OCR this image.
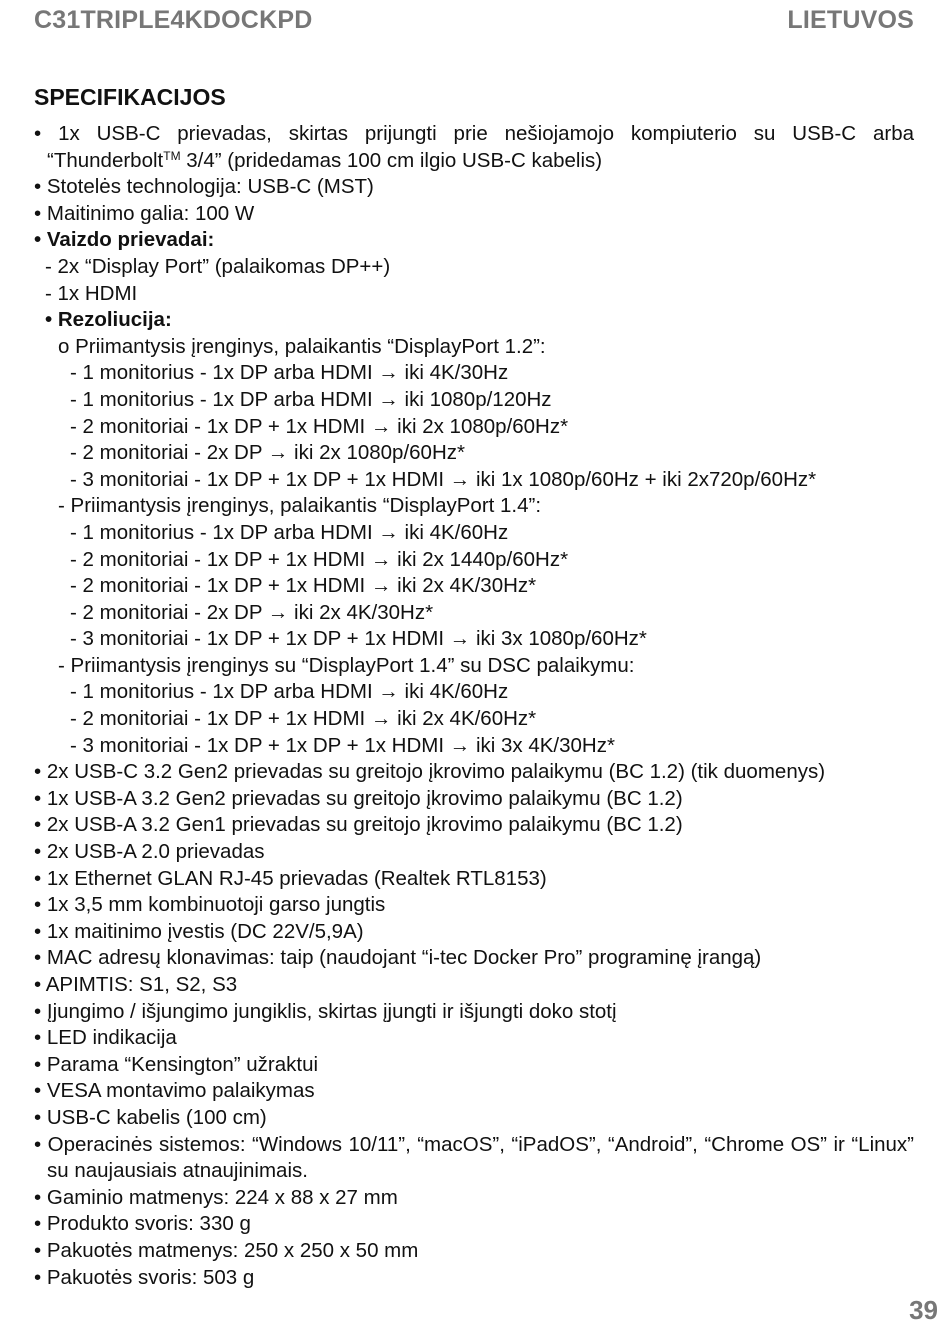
C31TRIPLE4KDOCKPD	LIETUVOS
SPECIFIKACIJOS
• 1x USB-C prievadas, skirtas prijungti prie nešiojamojo kompiuterio su USB-C arba “Thunderbolt™ 3/4” (pridedamas 100 cm ilgio USB-C kabelis)
• Stotelės technologija: USB-C (MST)
• Maitinimo galia: 100 W
• Vaizdo prievadai:
- 2x “Display Port” (palaikomas DP++)
- 1x HDMI
• Rezoliucija:
o Priimantysis įrenginys, palaikantis “DisplayPort 1.2”:
- 1 monitorius - 1x DP arba HDMI → iki 4K/30Hz
- 1 monitorius - 1x DP arba HDMI → iki 1080p/120Hz
- 2 monitoriai - 1x DP + 1x HDMI → iki 2x 1080p/60Hz*
- 2 monitoriai - 2x DP → iki 2x 1080p/60Hz*
- 3 monitoriai - 1x DP + 1x DP + 1x HDMI → iki 1x 1080p/60Hz + iki 2x720p/60Hz*
- Priimantysis įrenginys, palaikantis “DisplayPort 1.4”:
- 1 monitorius - 1x DP arba HDMI → iki 4K/60Hz
- 2 monitoriai - 1x DP + 1x HDMI → iki 2x 1440p/60Hz*
- 2 monitoriai - 1x DP + 1x HDMI → iki 2x 4K/30Hz*
- 2 monitoriai - 2x DP → iki 2x 4K/30Hz*
- 3 monitoriai - 1x DP + 1x DP + 1x HDMI → iki 3x 1080p/60Hz*
- Priimantysis įrenginys su “DisplayPort 1.4” su DSC palaikymu:
- 1 monitorius - 1x DP arba HDMI → iki 4K/60Hz
- 2 monitoriai - 1x DP + 1x HDMI → iki 2x 4K/60Hz*
- 3 monitoriai - 1x DP + 1x DP + 1x HDMI → iki 3x 4K/30Hz*
• 2x USB-C 3.2 Gen2 prievadas su greitojo įkrovimo palaikymu (BC 1.2) (tik duomenys)
• 1x USB-A 3.2 Gen2 prievadas su greitojo įkrovimo palaikymu (BC 1.2)
• 2x USB-A 3.2 Gen1 prievadas su greitojo įkrovimo palaikymu (BC 1.2)
• 2x USB-A 2.0 prievadas
• 1x Ethernet GLAN RJ-45 prievadas (Realtek RTL8153)
• 1x 3,5 mm kombinuotoji garso jungtis
• 1x maitinimo įvestis (DC 22V/5,9A)
• MAC adresų klonavimas: taip (naudojant “i-tec Docker Pro” programinę įrangą)
• APIMTIS: S1, S2, S3
• Įjungimo / išjungimo jungiklis, skirtas įjungti ir išjungti doko stotį
• LED indikacija
• Parama “Kensington” užraktui
• VESA montavimo palaikymas
• USB-C kabelis (100 cm)
• Operacinės sistemos: “Windows 10/11”, “macOS”, “iPadOS”, “Android”, “Chrome OS” ir “Linux” su naujausiais atnaujinimais.
• Gaminio matmenys: 224 x 88 x 27 mm
• Produkto svoris: 330 g
• Pakuotės matmenys: 250 x 250 x 50 mm
• Pakuotės svoris: 503 g
39
